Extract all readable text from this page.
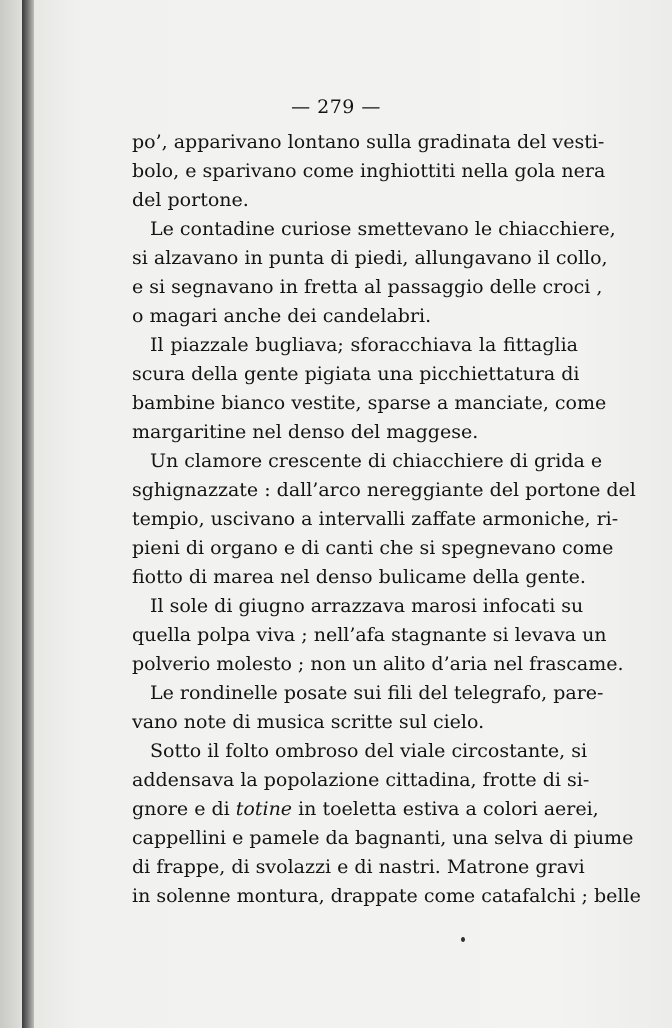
— 279 —
po’, apparivano lontano sulla gradinata del vesti-
bolo, e sparivano come inghiottiti nella gola nera
del portone.
Le contadine curiose smettevano le chiacchiere,
si alzavano in punta di piedi, allungavano il collo,
e si segnavano in fretta al passaggio delle croci ,
o magari anche dei candelabri.
Il piazzale bugliava; sforacchiava la fittaglia
scura della gente pigiata una picchiettatura di
bambine bianco vestite, sparse a manciate, come
margaritine nel denso del maggese.
Un clamore crescente di chiacchiere di grida e
sghignazzate : dall’arco nereggiante del portone del
tempio, uscivano a intervalli zaffate armoniche, ri-
pieni di organo e di canti che si spegnevano come
fiotto di marea nel denso bulicame della gente.
Il sole di giugno arrazzava marosi infocati su
quella polpa viva ; nell’afa stagnante si levava un
polverio molesto ; non un alito d’aria nel frascame.
Le rondinelle posate sui fili del telegrafo, pare-
vano note di musica scritte sul cielo.
Sotto il folto ombroso del viale circostante, si
addensava la popolazione cittadina, frotte di si-
gnore e di totine in toeletta estiva a colori aerei,
cappellini e pamele da bagnanti, una selva di piume
di frappe, di svolazzi e di nastri. Matrone gravi
in solenne montura, drappate come catafalchi ; belle
